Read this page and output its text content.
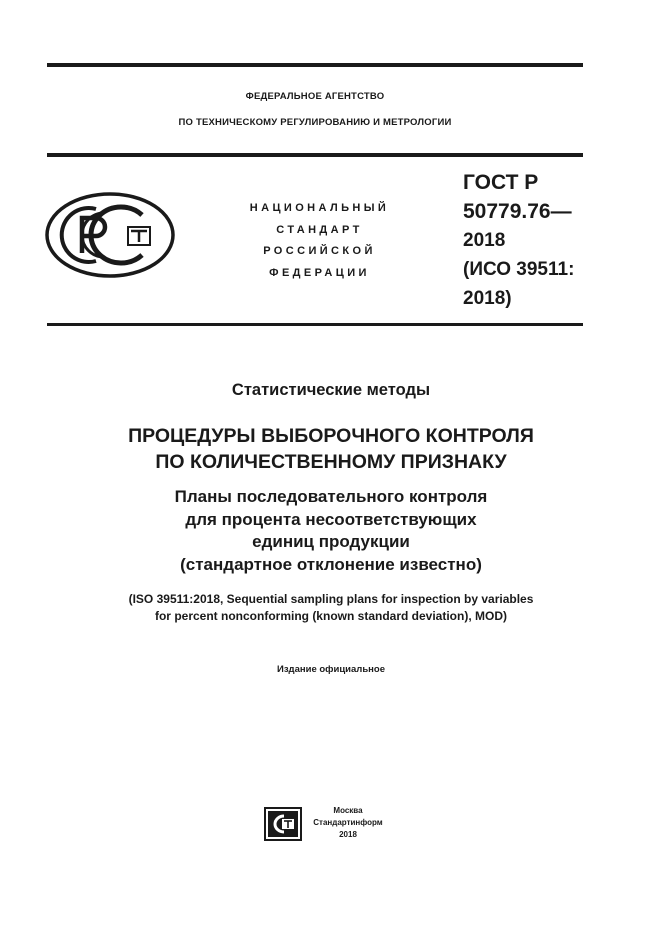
ФЕДЕРАЛЬНОЕ АГЕНТСТВО
ПО ТЕХНИЧЕСКОМУ РЕГУЛИРОВАНИЮ И МЕТРОЛОГИИ
НАЦИОНАЛЬНЫЙ
СТАНДАРТ
РОССИЙСКОЙ
ФЕДЕРАЦИИ
ГОСТ Р
50779.76—
2018
(ИСО 39511:
2018)
Статистические методы
ПРОЦЕДУРЫ ВЫБОРОЧНОГО КОНТРОЛЯ
ПО КОЛИЧЕСТВЕННОМУ ПРИЗНАКУ
Планы последовательного контроля
для процента несоответствующих
единиц продукции
(стандартное отклонение известно)
(ISO 39511:2018, Sequential sampling plans for inspection by variables
for percent nonconforming (known standard deviation), MOD)
Издание официальное
Москва
Стандартинформ
2018
